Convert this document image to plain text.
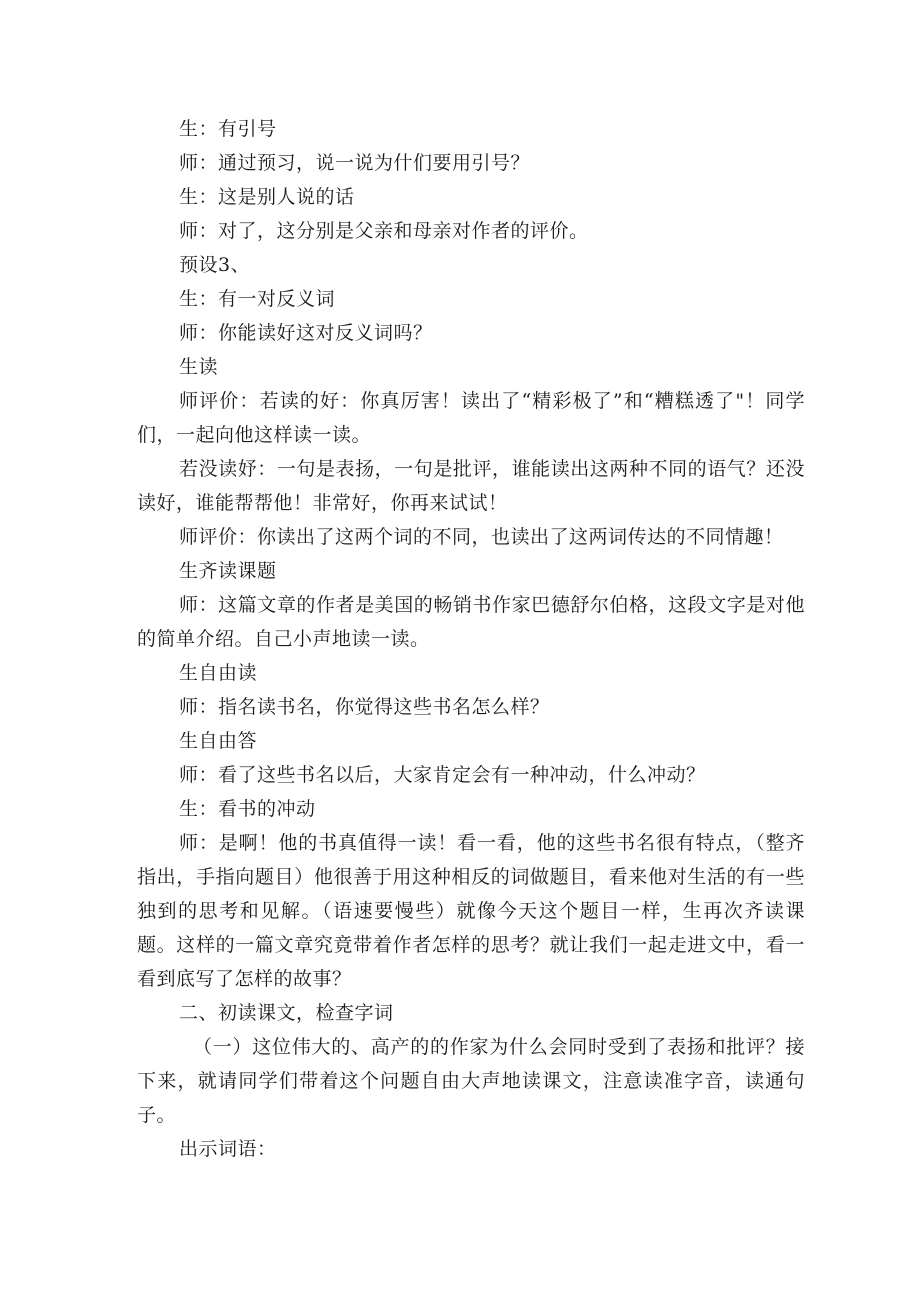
生：有引号

师：通过预习，说一说为什们要用引号？

生：这是别人说的话

师：对了，这分别是父亲和母亲对作者的评价。

预设3、

生：有一对反义词

师：你能读好这对反义词吗？

生读

师评价：若读的好：你真厉害！读出了“精彩极了”和“糟糕透了"！同学们，一起向他这样读一读。

若没读妤：一句是表扬，一句是批评，谁能读出这两种不同的语气？还没读好，谁能帮帮他！非常好，你再来试试！

师评价：你读出了这两个词的不同，也读出了这两词传达的不同情趣！

生齐读课题

师：这篇文章的作者是美国的畅销书作家巴德舒尔伯格，这段文字是对他的简单介绍。自己小声地读一读。

生自由读

师：指名读书名，你觉得这些书名怎么样？

生自由答

师：看了这些书名以后，大家肯定会有一种冲动，什么冲动？

生：看书的冲动

师：是啊！他的书真值得一读！看一看，他的这些书名很有特点，（整齐指出，手指向题目）他很善于用这种相反的词做题目，看来他对生活的有一些独到的思考和见解。（语速要慢些）就像今天这个题目一样，生再次齐读课题。这样的一篇文章究竟带着作者怎样的思考？就让我们一起走进文中，看一看到底写了怎样的故事？

二、初读课文，检查字词

（一）这位伟大的、高产的的作家为什么会同时受到了表扬和批评？接下来，就请同学们带着这个问题自由大声地读课文，注意读准字音，读通句子。

出示词语：
